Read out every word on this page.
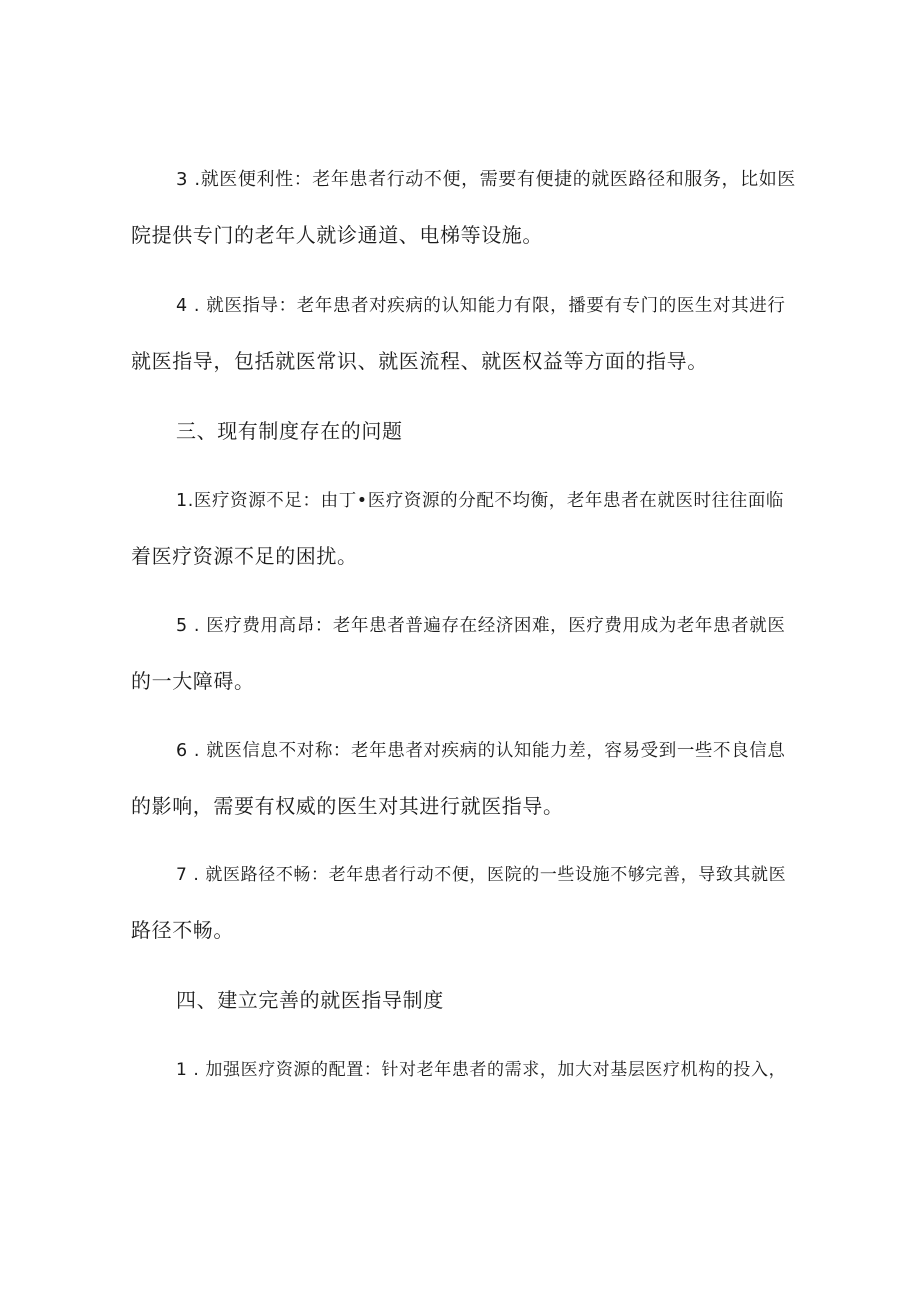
3 .就医便利性：老年患者行动不便，需要有便捷的就医路径和服务，比如医
院提供专门的老年人就诊通道、电梯等设施。
4 . 就医指导：老年患者对疾病的认知能力有限，播要有专门的医生对其进行
就医指导，包括就医常识、就医流程、就医权益等方面的指导。
三、现有制度存在的问题
1.医疗资源不足：由丁•医疗资源的分配不均衡，老年患者在就医时往往面临
着医疗资源不足的困扰。
5 . 医疗费用高昂：老年患者普遍存在经济困难，医疗费用成为老年患者就医
的一大障碍。
6 . 就医信息不对称：老年患者对疾病的认知能力差，容易受到一些不良信息
的影响，需要有权威的医生对其进行就医指导。
7 . 就医路径不畅：老年患者行动不便，医院的一些设施不够完善，导致其就医
路径不畅。
四、建立完善的就医指导制度
1 . 加强医疗资源的配置：针对老年患者的需求，加大对基层医疗机构的投入，
